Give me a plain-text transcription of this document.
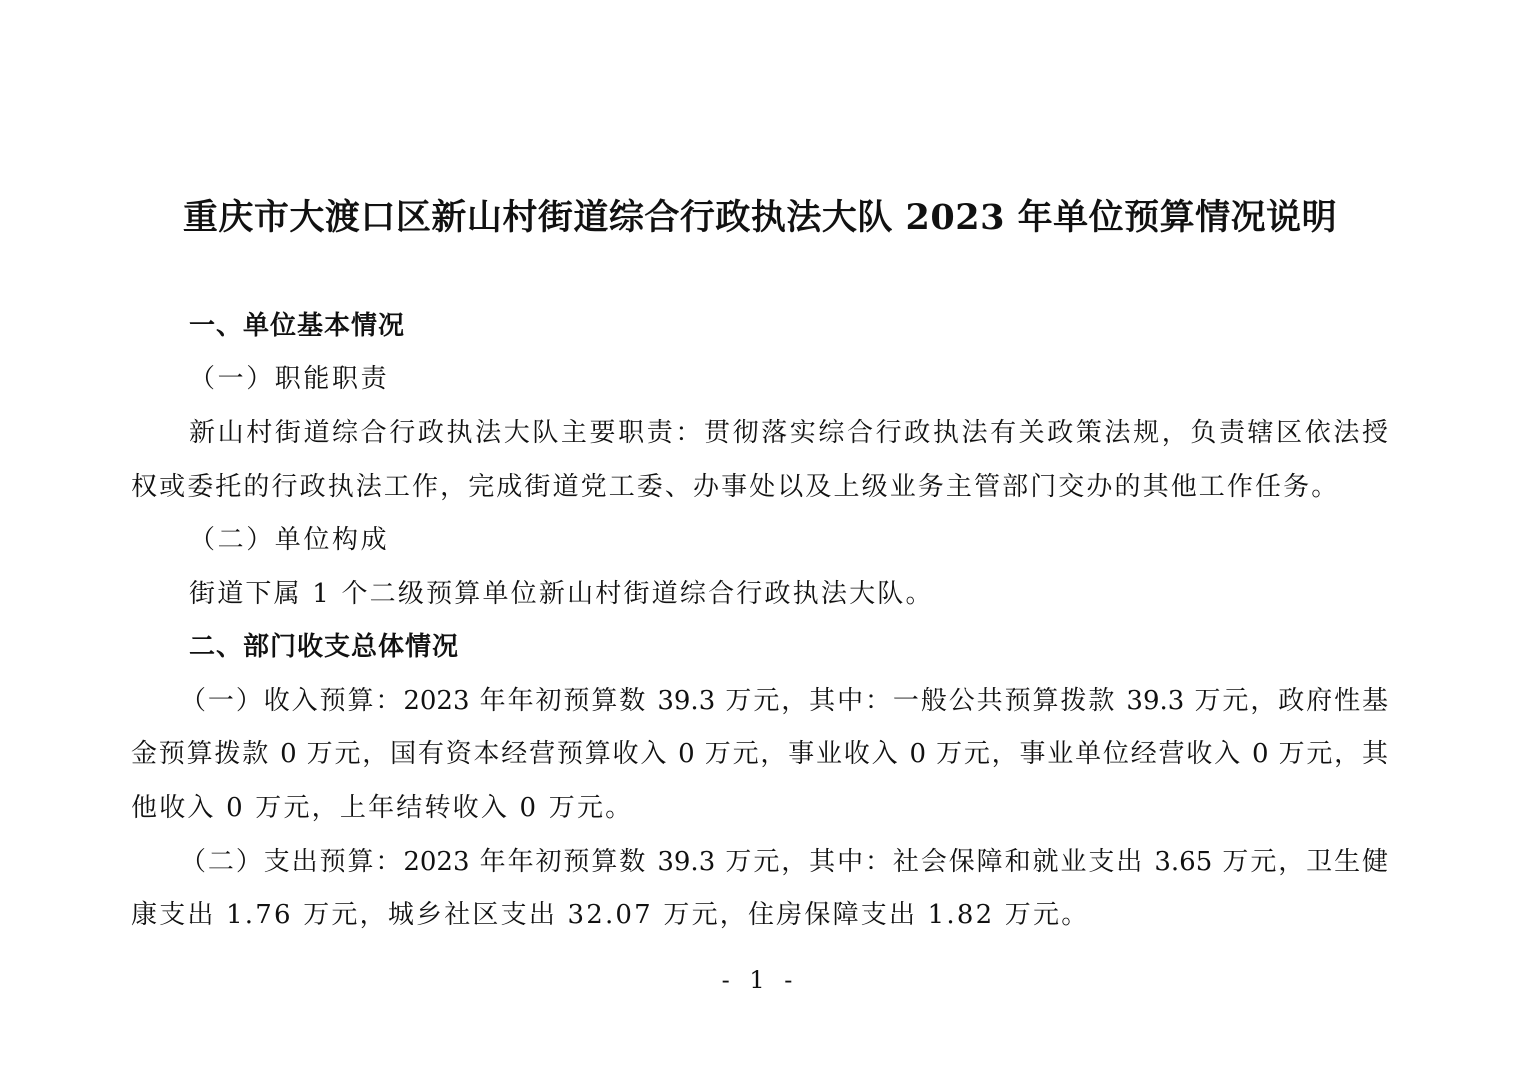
重庆市大渡口区新山村街道综合行政执法大队 2023 年单位预算情况说明
一、单位基本情况
（一）职能职责
新山村街道综合行政执法大队主要职责：贯彻落实综合行政执法有关政策法规，负责辖区依法授
权或委托的行政执法工作，完成街道党工委、办事处以及上级业务主管部门交办的其他工作任务。
（二）单位构成
街道下属 1 个二级预算单位新山村街道综合行政执法大队。
二、部门收支总体情况
（一）收入预算：2023 年年初预算数 39.3 万元，其中：一般公共预算拨款 39.3 万元，政府性基
金预算拨款 0 万元，国有资本经营预算收入 0 万元，事业收入 0 万元，事业单位经营收入 0 万元，其
他收入 0 万元，上年结转收入 0 万元。
（二）支出预算：2023 年年初预算数 39.3 万元，其中：社会保障和就业支出 3.65 万元，卫生健
康支出 1.76 万元，城乡社区支出 32.07 万元，住房保障支出 1.82 万元。
- 1 -
